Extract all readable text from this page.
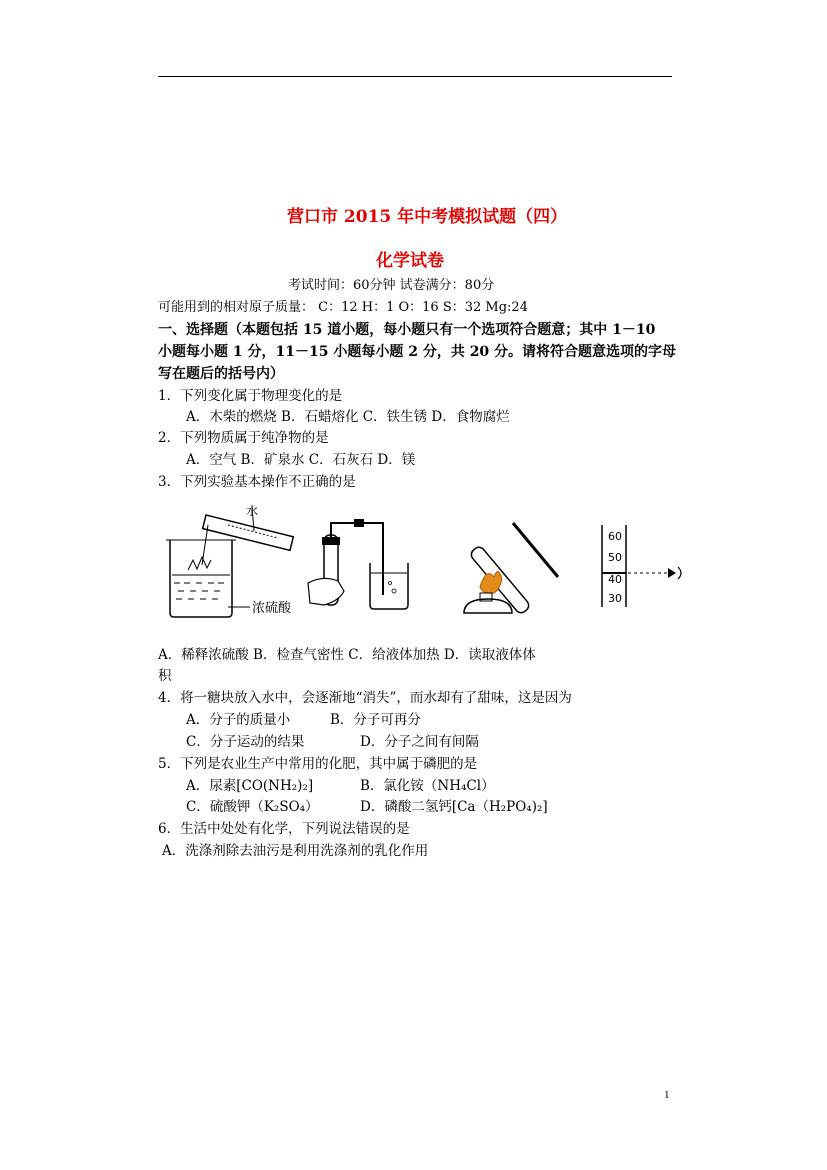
营口市 2015 年中考模拟试题（四）
化学试卷
考试时间：60分钟 试卷满分：80分
可能用到的相对原子质量： C：12 H：1 O：16 S：32 Mg:24
一、选择题（本题包括 15 道小题，每小题只有一个选项符合题意；其中 1－10
小题每小题 1 分，11－15 小题每小题 2 分，共 20 分。请将符合题意选项的字母
写在题后的括号内）
1．下列变化属于物理变化的是
A．木柴的燃烧 B．石蜡熔化 C．铁生锈 D．食物腐烂
2．下列物质属于纯净物的是
A．空气 B．矿泉水 C．石灰石 D．镁
3．下列实验基本操作不正确的是
水
浓硫酸
60
50
40
30
A．稀释浓硫酸 B．检查气密性 C．给液体加热 D．读取液体体
积
4．将一糖块放入水中，会逐渐地“消失”，而水却有了甜味，这是因为
A．分子的质量小	B．分子可再分
C．分子运动的结果	D．分子之间有间隔
5．下列是农业生产中常用的化肥，其中属于磷肥的是
A．尿素[CO(NH₂)₂]	B．氯化铵（NH₄Cl）
C．硫酸钾（K₂SO₄）	D．磷酸二氢钙[Ca（H₂PO₄)₂]
6．生活中处处有化学，下列说法错误的是
A．洗涤剂除去油污是利用洗涤剂的乳化作用
1
